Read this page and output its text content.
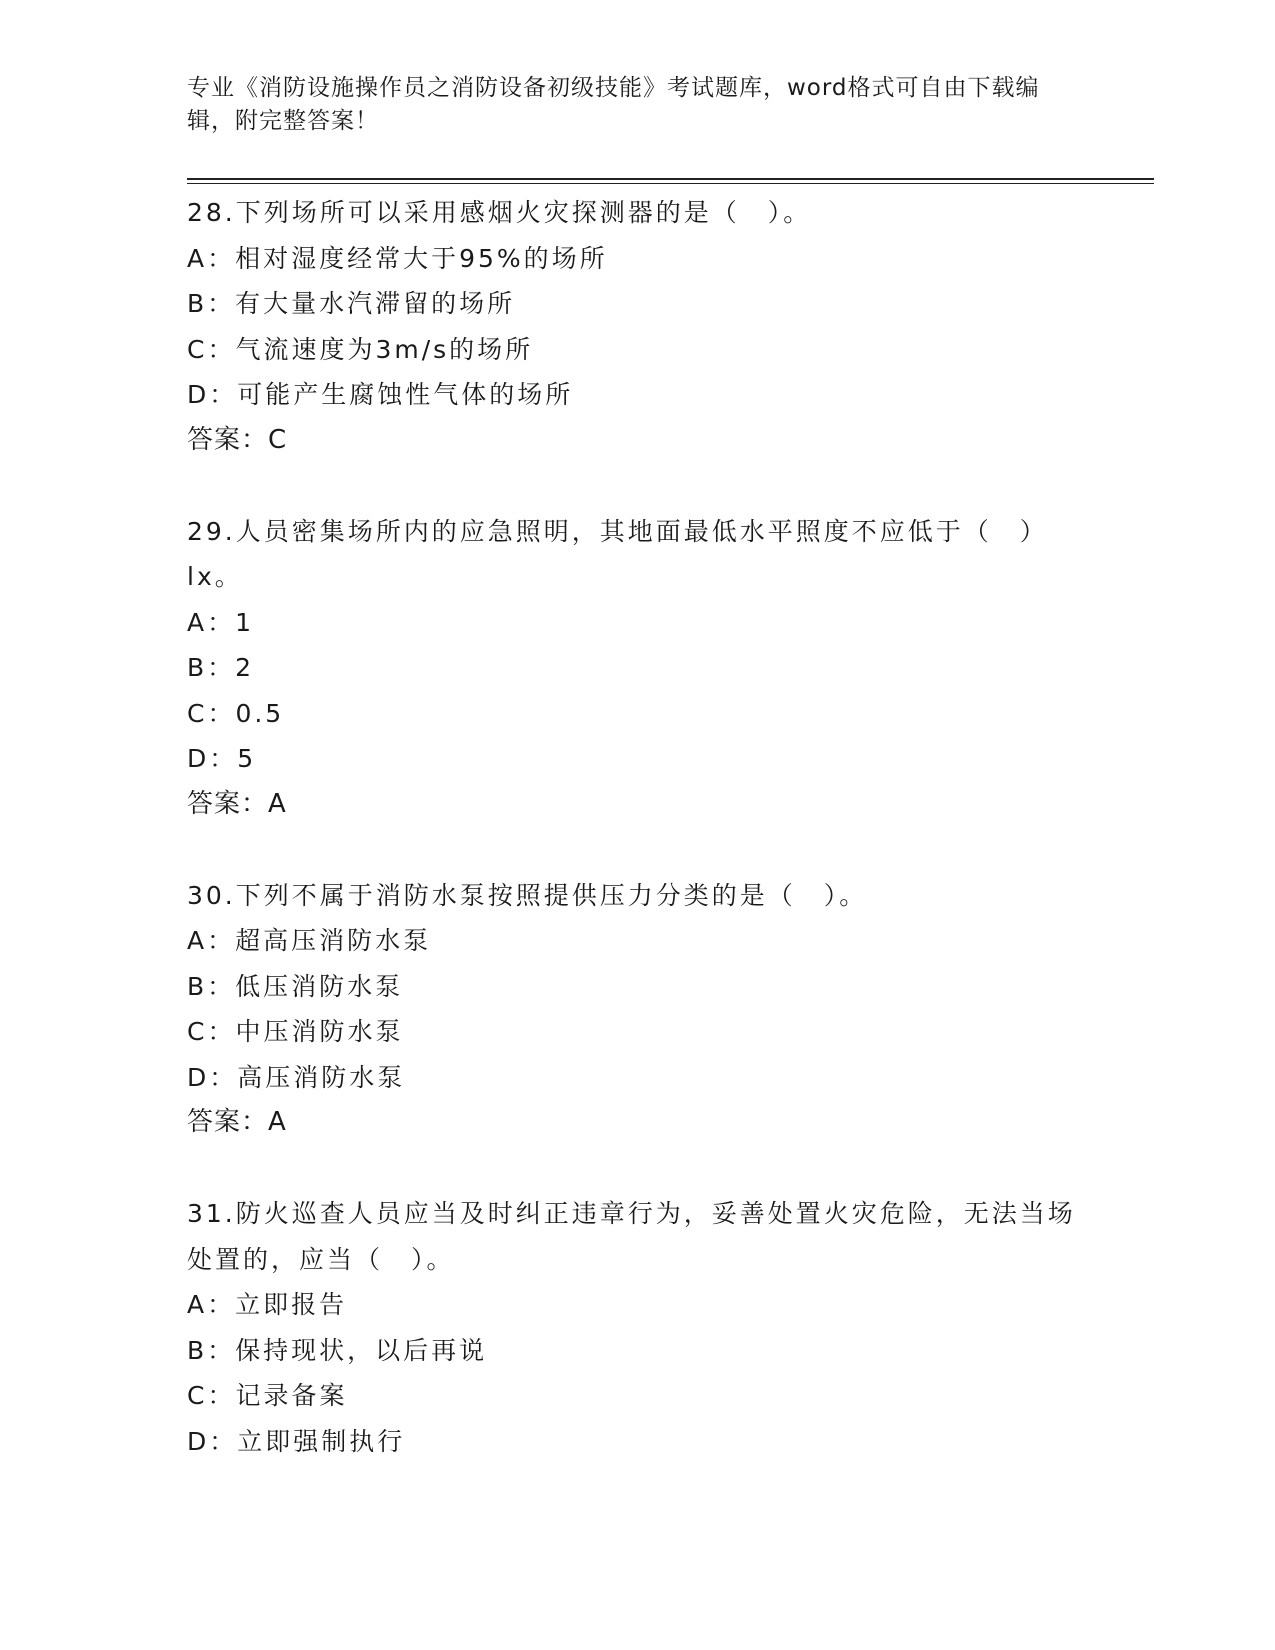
专业《消防设施操作员之消防设备初级技能》考试题库，word格式可自由下载编辑，附完整答案！

28.下列场所可以采用感烟火灾探测器的是（　）。

A：相对湿度经常大于95%的场所

B：有大量水汽滞留的场所

C：气流速度为3m/s的场所

D：可能产生腐蚀性气体的场所

答案：C

29.人员密集场所内的应急照明，其地面最低水平照度不应低于（　）lx。

A：1

B：2

C：0.5

D：5

答案：A

30.下列不属于消防水泵按照提供压力分类的是（　）。

A：超高压消防水泵

B：低压消防水泵

C：中压消防水泵

D：高压消防水泵

答案：A

31.防火巡查人员应当及时纠正违章行为，妥善处置火灾危险，无法当场处置的，应当（　）。

A：立即报告

B：保持现状，以后再说

C：记录备案

D：立即强制执行
